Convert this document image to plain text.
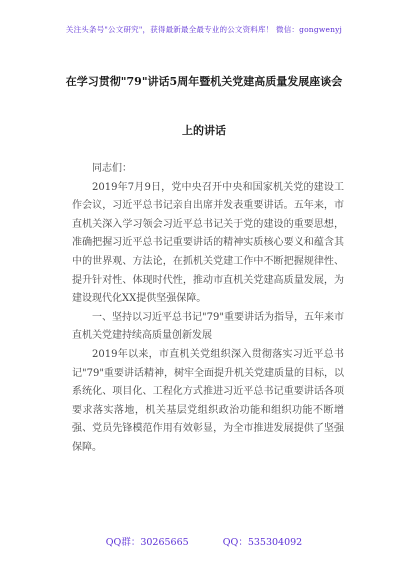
关注头条号"公文研究"，获得最新最全最专业的公文资料库！ 微信：gongwenyj
在学习贯彻"79"讲话5周年暨机关党建高质量发展座谈会
上的讲话

同志们：

2019年7月9日，党中央召开中央和国家机关党的建设工作会议，习近平总书记亲自出席并发表重要讲话。五年来，市直机关深入学习领会习近平总书记关于党的建设的重要思想，准确把握习近平总书记重要讲话的精神实质核心要义和蕴含其中的世界观、方法论，在抓机关党建工作中不断把握规律性、提升针对性、体现时代性，推动市直机关党建高质量发展，为建设现代化XX提供坚强保障。

一、坚持以习近平总书记"79"重要讲话为指导，五年来市直机关党建持续高质量创新发展

2019年以来，市直机关党组织深入贯彻落实习近平总书记"79"重要讲话精神，树牢全面提升机关党建质量的目标，以系统化、项目化、工程化方式推进习近平总书记重要讲话各项要求落实落地，机关基层党组织政治功能和组织功能不断增强、党员先锋模范作用有效彰显，为全市推进发展提供了坚强保障。

QQ群：30265665	QQ：535304092
